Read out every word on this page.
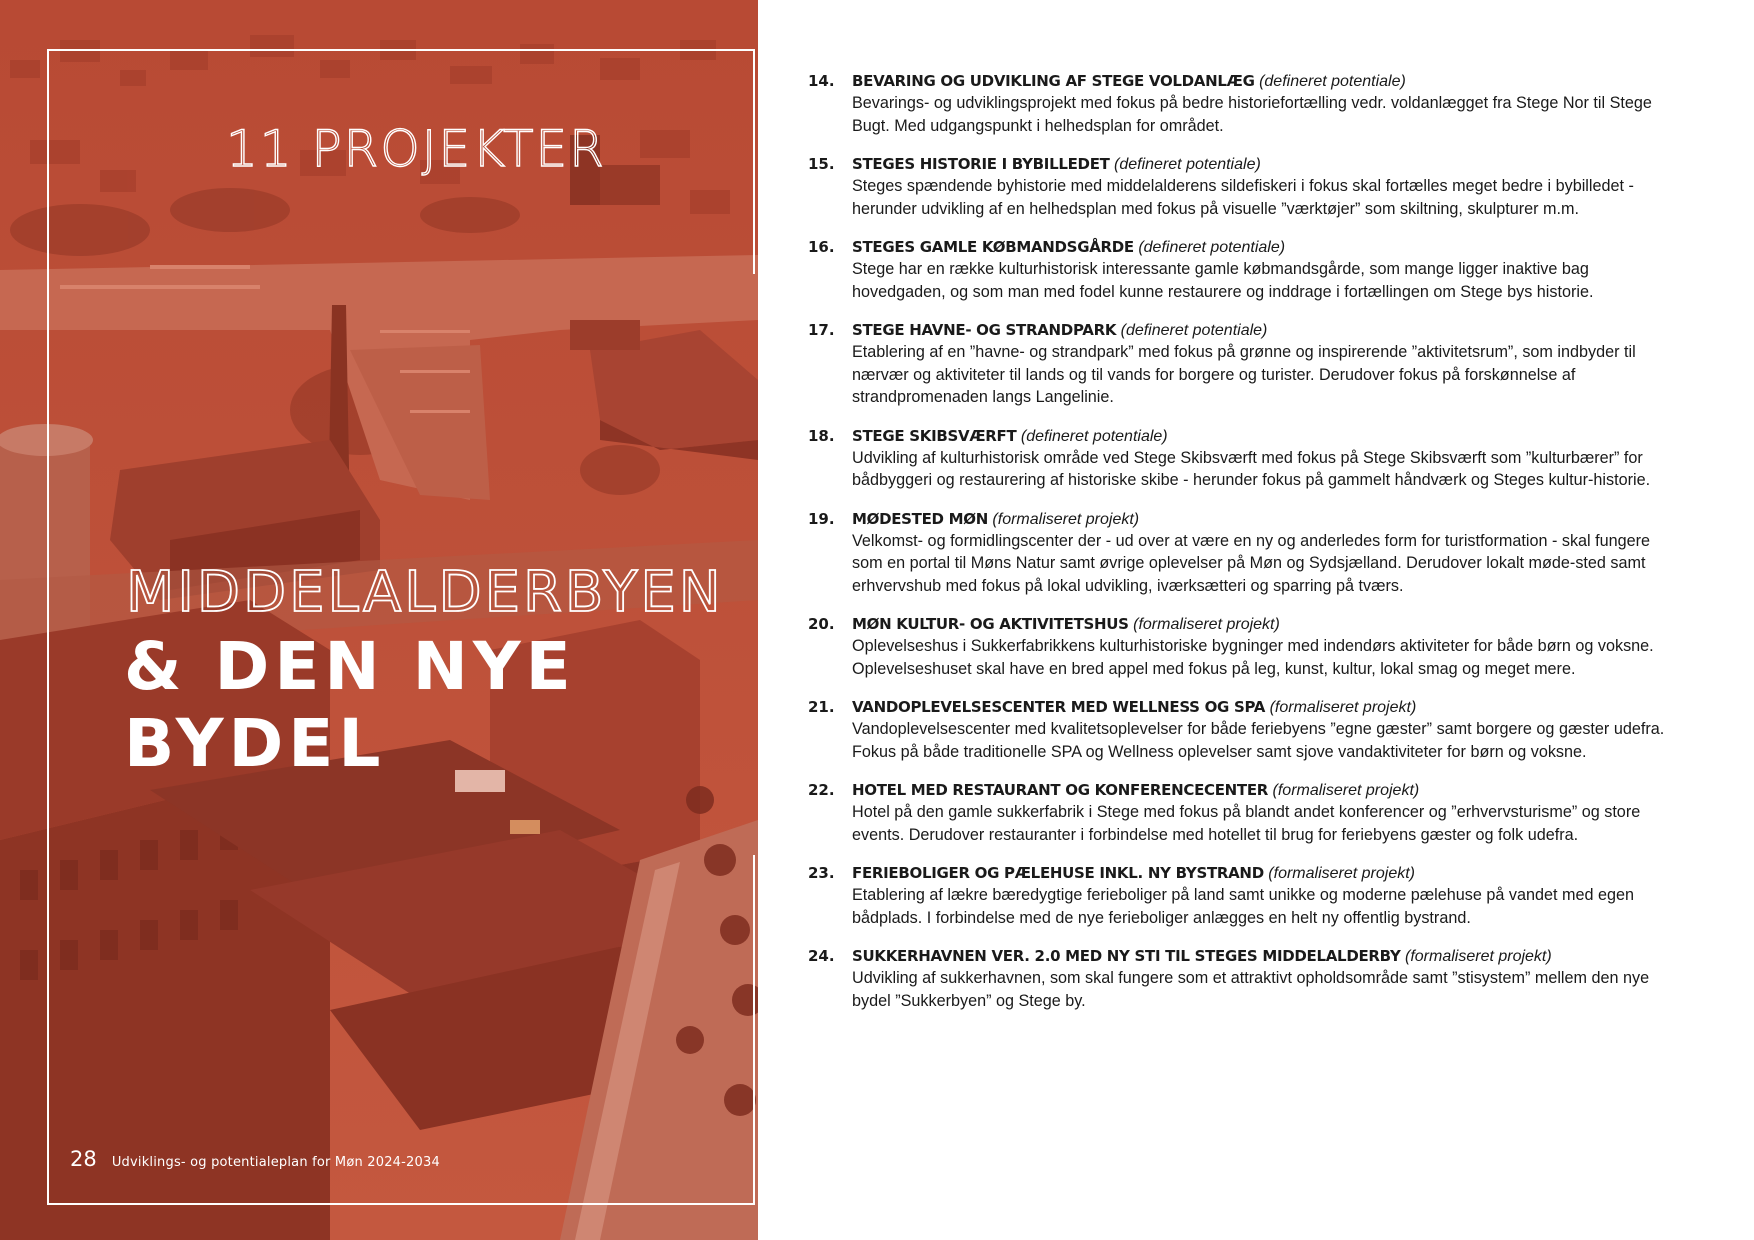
11 PROJEKTER
MIDDELALDERBYEN
& DEN NYE BYDEL
28 Udviklings- og potentialeplan for Møn 2024-2034
14. BEVARING OG UDVIKLING AF STEGE VOLDANLÆG (defineret potentiale)
Bevarings- og udviklingsprojekt med fokus på bedre historiefortælling vedr. voldanlægget fra Stege Nor til Stege Bugt. Med udgangspunkt i helhedsplan for området.
15. STEGES HISTORIE I BYBILLEDET (defineret potentiale)
Steges spændende byhistorie med middelalderens sildefiskeri i fokus skal fortælles meget bedre i bybilledet - herunder udvikling af en helhedsplan med fokus på visuelle ”værktøjer” som skiltning, skulpturer m.m.
16. STEGES GAMLE KØBMANDSGÅRDE (defineret potentiale)
Stege har en række kulturhistorisk interessante gamle købmandsgårde, som mange ligger inaktive bag hovedgaden, og som man med fodel kunne restaurere og inddrage i fortællingen om Stege bys historie.
17. STEGE HAVNE- OG STRANDPARK (defineret potentiale)
Etablering af en ”havne- og strandpark” med fokus på grønne og inspirerende ”aktivitetsrum”, som indbyder til nærvær og aktiviteter til lands og til vands for borgere og turister. Derudover fokus på forskønnelse af strandpromenaden langs Langelinie.
18. STEGE SKIBSVÆRFT (defineret potentiale)
Udvikling af kulturhistorisk område ved Stege Skibsværft med fokus på Stege Skibsværft som ”kulturbærer” for bådbyggeri og restaurering af historiske skibe - herunder fokus på gammelt håndværk og Steges kultur-historie.
19. MØDESTED MØN (formaliseret projekt)
Velkomst- og formidlingscenter der - ud over at være en ny og anderledes form for turistformation - skal fungere som en portal til Møns Natur samt øvrige oplevelser på Møn og Sydsjælland. Derudover lokalt møde-sted samt erhvervshub med fokus på lokal udvikling, iværksætteri og sparring på tværs.
20. MØN KULTUR- OG AKTIVITETSHUS (formaliseret projekt)
Oplevelseshus i Sukkerfabrikkens kulturhistoriske bygninger med indendørs aktiviteter for både børn og voksne. Oplevelseshuset skal have en bred appel med fokus på leg, kunst, kultur, lokal smag og meget mere.
21. VANDOPLEVELSESCENTER MED WELLNESS OG SPA (formaliseret projekt)
Vandoplevelsescenter med kvalitetsoplevelser for både feriebyens ”egne gæster” samt borgere og gæster udefra. Fokus på både traditionelle SPA og Wellness oplevelser samt sjove vandaktiviteter for børn og voksne.
22. HOTEL MED RESTAURANT OG KONFERENCECENTER (formaliseret projekt)
Hotel på den gamle sukkerfabrik i Stege med fokus på blandt andet konferencer og ”erhvervsturisme” og store events. Derudover restauranter i forbindelse med hotellet til brug for feriebyens gæster og folk udefra.
23. FERIEBOLIGER OG PÆLEHUSE INKL. NY BYSTRAND (formaliseret projekt)
Etablering af lækre bæredygtige ferieboliger på land samt unikke og moderne pælehuse på vandet med egen bådplads. I forbindelse med de nye ferieboliger anlægges en helt ny offentlig bystrand.
24. SUKKERHAVNEN VER. 2.0 MED NY STI TIL STEGES MIDDELALDERBY (formaliseret projekt)
Udvikling af sukkerhavnen, som skal fungere som et attraktivt opholdsområde samt ”stisystem” mellem den nye bydel ”Sukkerbyen” og Stege by.
